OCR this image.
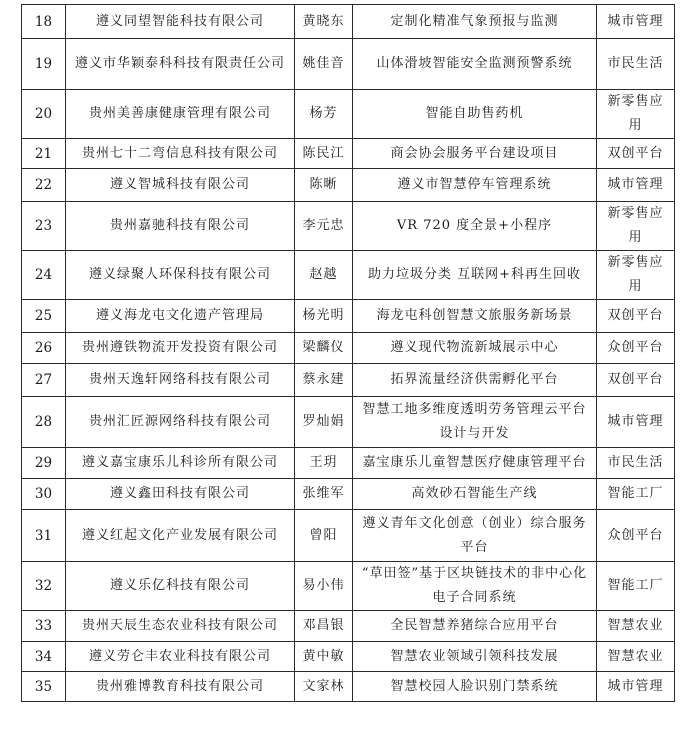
18	遵义同望智能科技有限公司	黄晓东	定制化精准气象预报与监测	城市管理
19	遵义市华颖泰科科技有限责任公司	姚佳音	山体滑坡智能安全监测预警系统	市民生活
20	贵州美善康健康管理有限公司	杨芳	智能自助售药机	新零售应用
21	贵州七十二弯信息科技有限公司	陈民江	商会协会服务平台建设项目	双创平台
22	遵义智城科技有限公司	陈晰	遵义市智慧停车管理系统	城市管理
23	贵州嘉驰科技有限公司	李元忠	VR 720 度全景+小程序	新零售应用
24	遵义绿聚人环保科技有限公司	赵越	助力垃圾分类 互联网+科再生回收	新零售应用
25	遵义海龙屯文化遗产管理局	杨光明	海龙屯科创智慧文旅服务新场景	双创平台
26	贵州遵铁物流开发投资有限公司	梁麟仪	遵义现代物流新城展示中心	众创平台
27	贵州天逸轩网络科技有限公司	蔡永建	拓界流量经济供需孵化平台	双创平台
28	贵州汇匠源网络科技有限公司	罗灿娟	智慧工地多维度透明劳务管理云平台设计与开发	城市管理
29	遵义嘉宝康乐儿科诊所有限公司	王玥	嘉宝康乐儿童智慧医疗健康管理平台	市民生活
30	遵义鑫田科技有限公司	张维军	高效砂石智能生产线	智能工厂
31	遵义红起文化产业发展有限公司	曾阳	遵义青年文化创意（创业）综合服务平台	众创平台
32	遵义乐亿科技有限公司	易小伟	“草田签”基于区块链技术的非中心化电子合同系统	智能工厂
33	贵州天辰生态农业科技有限公司	邓昌银	全民智慧养猪综合应用平台	智慧农业
34	遵义劳仑丰农业科技有限公司	黄中敏	智慧农业领域引领科技发展	智慧农业
35	贵州雅博教育科技有限公司	文家林	智慧校园人脸识别门禁系统	城市管理
